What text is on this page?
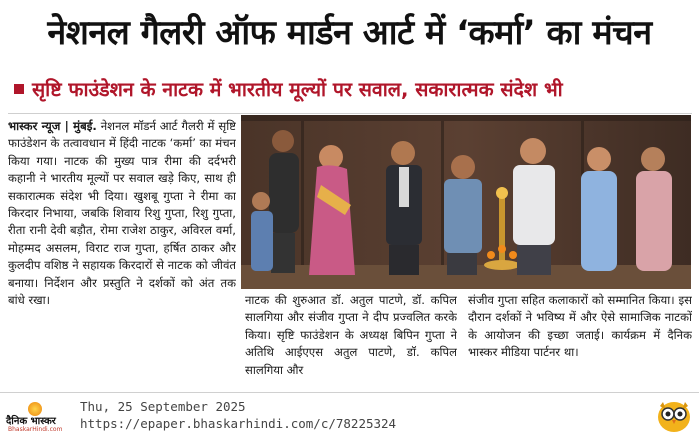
नेशनल गैलरी ऑफ मार्डन आर्ट में ‘कर्मा’ का मंचन
सृष्टि फाउंडेशन के नाटक में भारतीय मूल्यों पर सवाल, सकारात्मक संदेश भी
भास्कर न्यूज | मुंबई. नेशनल मॉडर्न आर्ट गैलरी में सृष्टि फाउंडेशन के तत्वावधान में हिंदी नाटक ‘कर्मा’ का मंचन किया गया। नाटक की मुख्य पात्र रीमा की दर्दभरी कहानी ने भारतीय मूल्यों पर सवाल खड़े किए, साथ ही सकारात्मक संदेश भी दिया। खुशबू गुप्ता ने रीमा का किरदार निभाया, जबकि शिवाय रिशु गुप्ता, रिशु गुप्ता, रीता रानी देवी बड़ौत, रोमा राजेश ठाकुर, अविरल वर्मा, मोहम्मद असलम, विराट राज गुप्ता, हर्षित ठाकर और कुलदीप वशिष्ठ ने सहायक किरदारों से नाटक को जीवंत बनाया। निर्देशन और प्रस्तुति ने दर्शकों को अंत तक बांधे रखा।	नाटक की शुरुआत डॉ. अतुल पाटणे, डॉ. कपिल सालगिया और संजीव गुप्ता ने दीप प्रज्वलित करके किया। सृष्टि फाउंडेशन के अध्यक्ष बिपिन गुप्ता ने अतिथि आईएएस अतुल पाटणे, डॉ. कपिल सालगिया और
संजीव गुप्ता सहित कलाकारों को सम्मानित किया। इस दौरान दर्शकों ने भविष्य में और ऐसे सामाजिक नाटकों के आयोजन की इच्छा जताई। कार्यक्रम में दैनिक भास्कर मीडिया पार्टनर था।
दैनिक भास्कर
BhaskarHindi.com
Thu, 25 September 2025
https://epaper.bhaskarhindi.com/c/78225324
